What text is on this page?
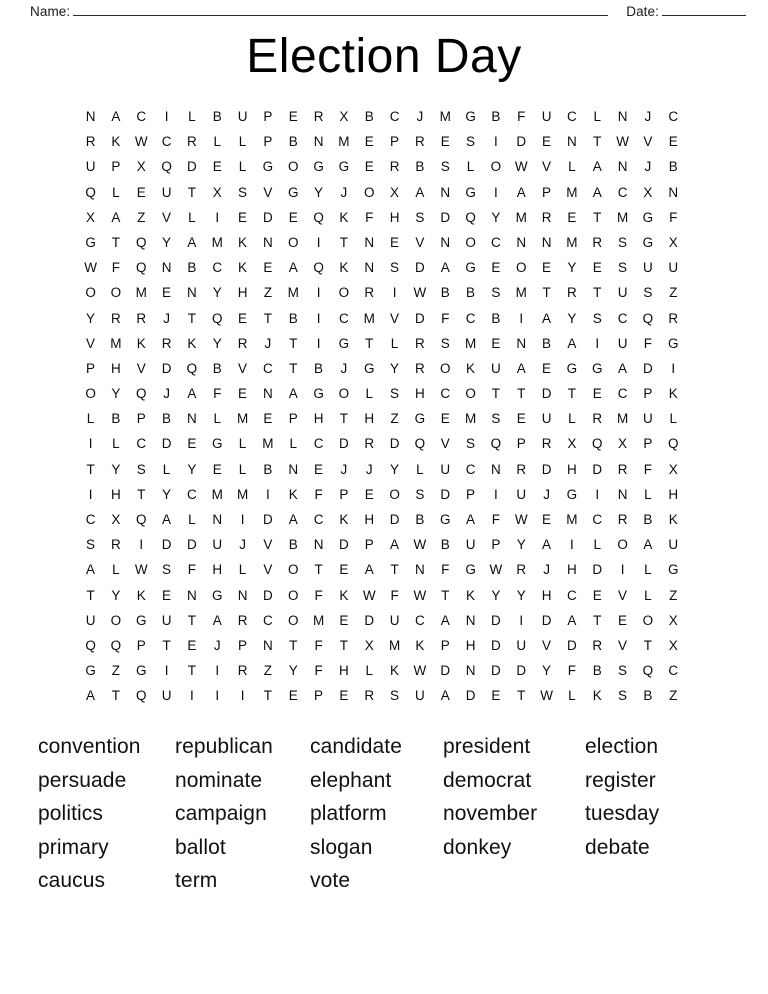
Name:	Date:
Election Day
N	A	C	I	L	B	U	P	E	R	X	B	C	J	M	G	B	F	U	C	L	N	J	C
R	K	W	C	R	L	L	P	B	N	M	E	P	R	E	S	I	D	E	N	T	W	V	E
U	P	X	Q	D	E	L	G	O	G	G	E	R	B	S	L	O	W	V	L	A	N	J	B
Q	L	E	U	T	X	S	V	G	Y	J	O	X	A	N	G	I	A	P	M	A	C	X	N
X	A	Z	V	L	I	E	D	E	Q	K	F	H	S	D	Q	Y	M	R	E	T	M	G	F
G	T	Q	Y	A	M	K	N	O	I	T	N	E	V	N	O	C	N	N	M	R	S	G	X
W	F	Q	N	B	C	K	E	A	Q	K	N	S	D	A	G	E	O	E	Y	E	S	U	U
O	O	M	E	N	Y	H	Z	M	I	O	R	I	W	B	B	S	M	T	R	T	U	S	Z
Y	R	R	J	T	Q	E	T	B	I	C	M	V	D	F	C	B	I	A	Y	S	C	Q	R
V	M	K	R	K	Y	R	J	T	I	G	T	L	R	S	M	E	N	B	A	I	U	F	G
P	H	V	D	Q	B	V	C	T	B	J	G	Y	R	O	K	U	A	E	G	G	A	D	I
O	Y	Q	J	A	F	E	N	A	G	O	L	S	H	C	O	T	T	D	T	E	C	P	K
L	B	P	B	N	L	M	E	P	H	T	H	Z	G	E	M	S	E	U	L	R	M	U	L
I	L	C	D	E	G	L	M	L	C	D	R	D	Q	V	S	Q	P	R	X	Q	X	P	Q
T	Y	S	L	Y	E	L	B	N	E	J	J	Y	L	U	C	N	R	D	H	D	R	F	X
I	H	T	Y	C	M	M	I	K	F	P	E	O	S	D	P	I	U	J	G	I	N	L	H
C	X	Q	A	L	N	I	D	A	C	K	H	D	B	G	A	F	W	E	M	C	R	B	K
S	R	I	D	D	U	J	V	B	N	D	P	A	W	B	U	P	Y	A	I	L	O	A	U
A	L	W	S	F	H	L	V	O	T	E	A	T	N	F	G	W	R	J	H	D	I	L	G
T	Y	K	E	N	G	N	D	O	F	K	W	F	W	T	K	Y	Y	H	C	E	V	L	Z
U	O	G	U	T	A	R	C	O	M	E	D	U	C	A	N	D	I	D	A	T	E	O	X
Q	Q	P	T	E	J	P	N	T	F	T	X	M	K	P	H	D	U	V	D	R	V	T	X
G	Z	G	I	T	I	R	Z	Y	F	H	L	K	W	D	N	D	D	Y	F	B	S	Q	C
A	T	Q	U	I	I	I	T	E	P	E	R	S	U	A	D	E	T	W	L	K	S	B	Z
convention	republican	candidate	president	election
persuade	nominate	elephant	democrat	register
politics	campaign	platform	november	tuesday
primary	ballot	slogan	donkey	debate
caucus	term	vote
